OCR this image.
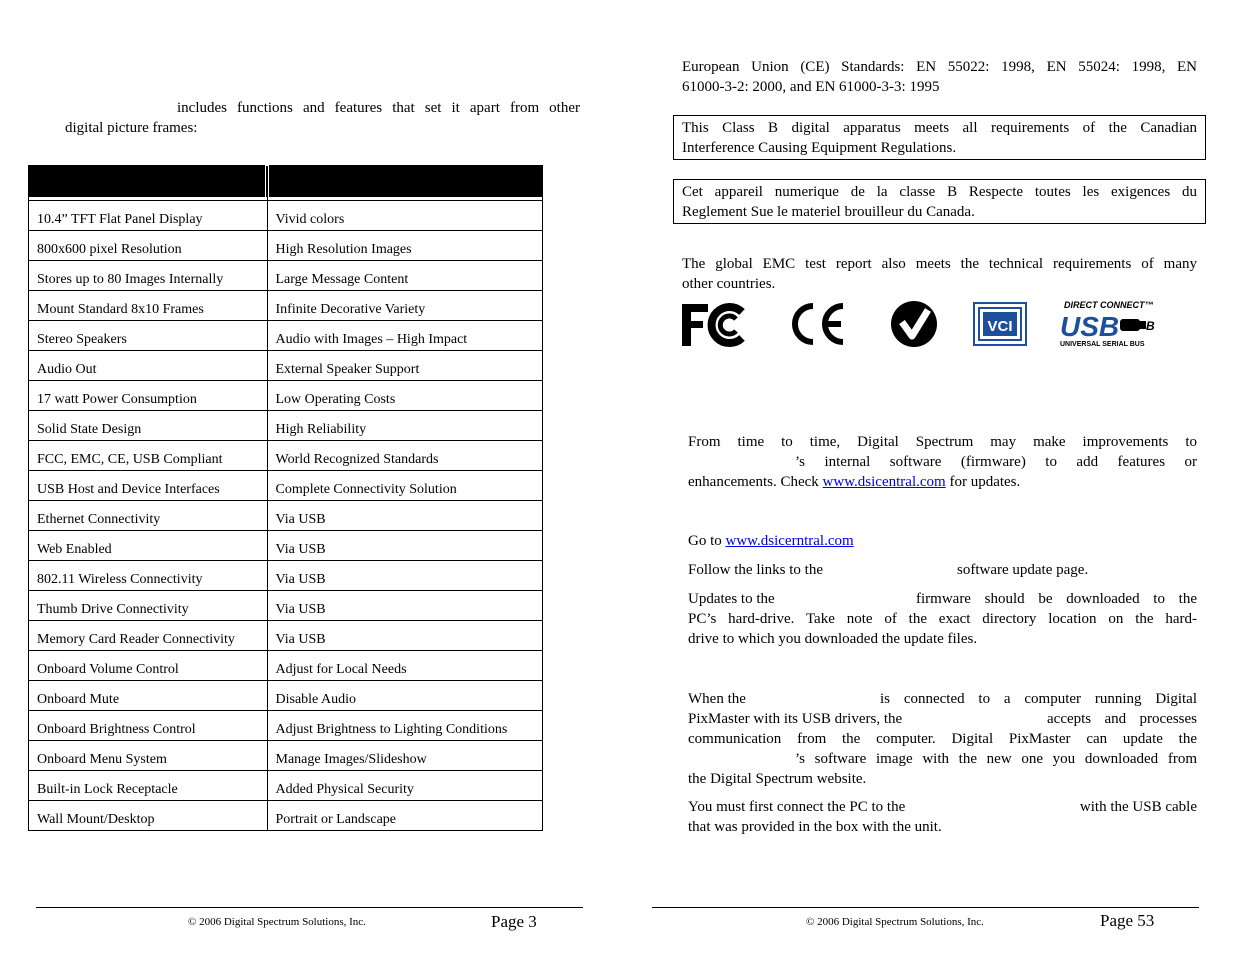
includes functions and features that set it apart from other
digital picture frames:

10.4” TFT Flat Panel Display	Vivid colors
800x600 pixel Resolution	High Resolution Images
Stores up to 80 Images Internally	Large Message Content
Mount Standard 8x10 Frames	Infinite Decorative Variety
Stereo Speakers	Audio with Images – High Impact
Audio Out	External Speaker Support
17 watt Power Consumption	Low Operating Costs
Solid State Design	High Reliability
FCC, EMC, CE, USB Compliant	World Recognized Standards
USB Host and Device Interfaces	Complete Connectivity Solution
Ethernet Connectivity	Via USB
Web Enabled	Via USB
802.11 Wireless Connectivity	Via USB
Thumb Drive Connectivity	Via USB
Memory Card Reader Connectivity	Via USB
Onboard Volume Control	Adjust for Local Needs
Onboard Mute	Disable Audio
Onboard Brightness Control	Adjust Brightness to Lighting Conditions
Onboard Menu System	Manage Images/Slideshow
Built-in Lock Receptacle	Added Physical Security
Wall Mount/Desktop	Portrait or Landscape
© 2006 Digital Spectrum Solutions, Inc.	Page 3
European Union (CE) Standards: EN 55022: 1998, EN 55024: 1998, EN
61000-3-2: 2000, and EN 61000-3-3: 1995
This Class B digital apparatus meets all requirements of the Canadian
Interference Causing Equipment Regulations.
Cet appareil numerique de la classe B Respecte toutes les exigences du
Reglement Sue le materiel brouilleur du Canada.
The global EMC test report also meets the technical requirements of many
other countries.
VCI
DIRECT CONNECT™
USB B
UNIVERSAL SERIAL BUS
From time to time, Digital Spectrum may make improvements to
’s internal software (firmware) to add features or
enhancements. Check www.dsicentral.com for updates.
Go to www.dsicerntral.com
Follow the links to the	software update page.
Updates to the	firmware should be downloaded to the
PC’s hard-drive. Take note of the exact directory location on the hard-
drive to which you downloaded the update files.
When the	is connected to a computer running Digital
PixMaster with its USB drivers, the	accepts and processes
communication from the computer. Digital PixMaster can update the
’s software image with the new one you downloaded from
the Digital Spectrum website.
You must first connect the PC to the	with the USB cable
that was provided in the box with the unit.
© 2006 Digital Spectrum Solutions, Inc.	Page 53
